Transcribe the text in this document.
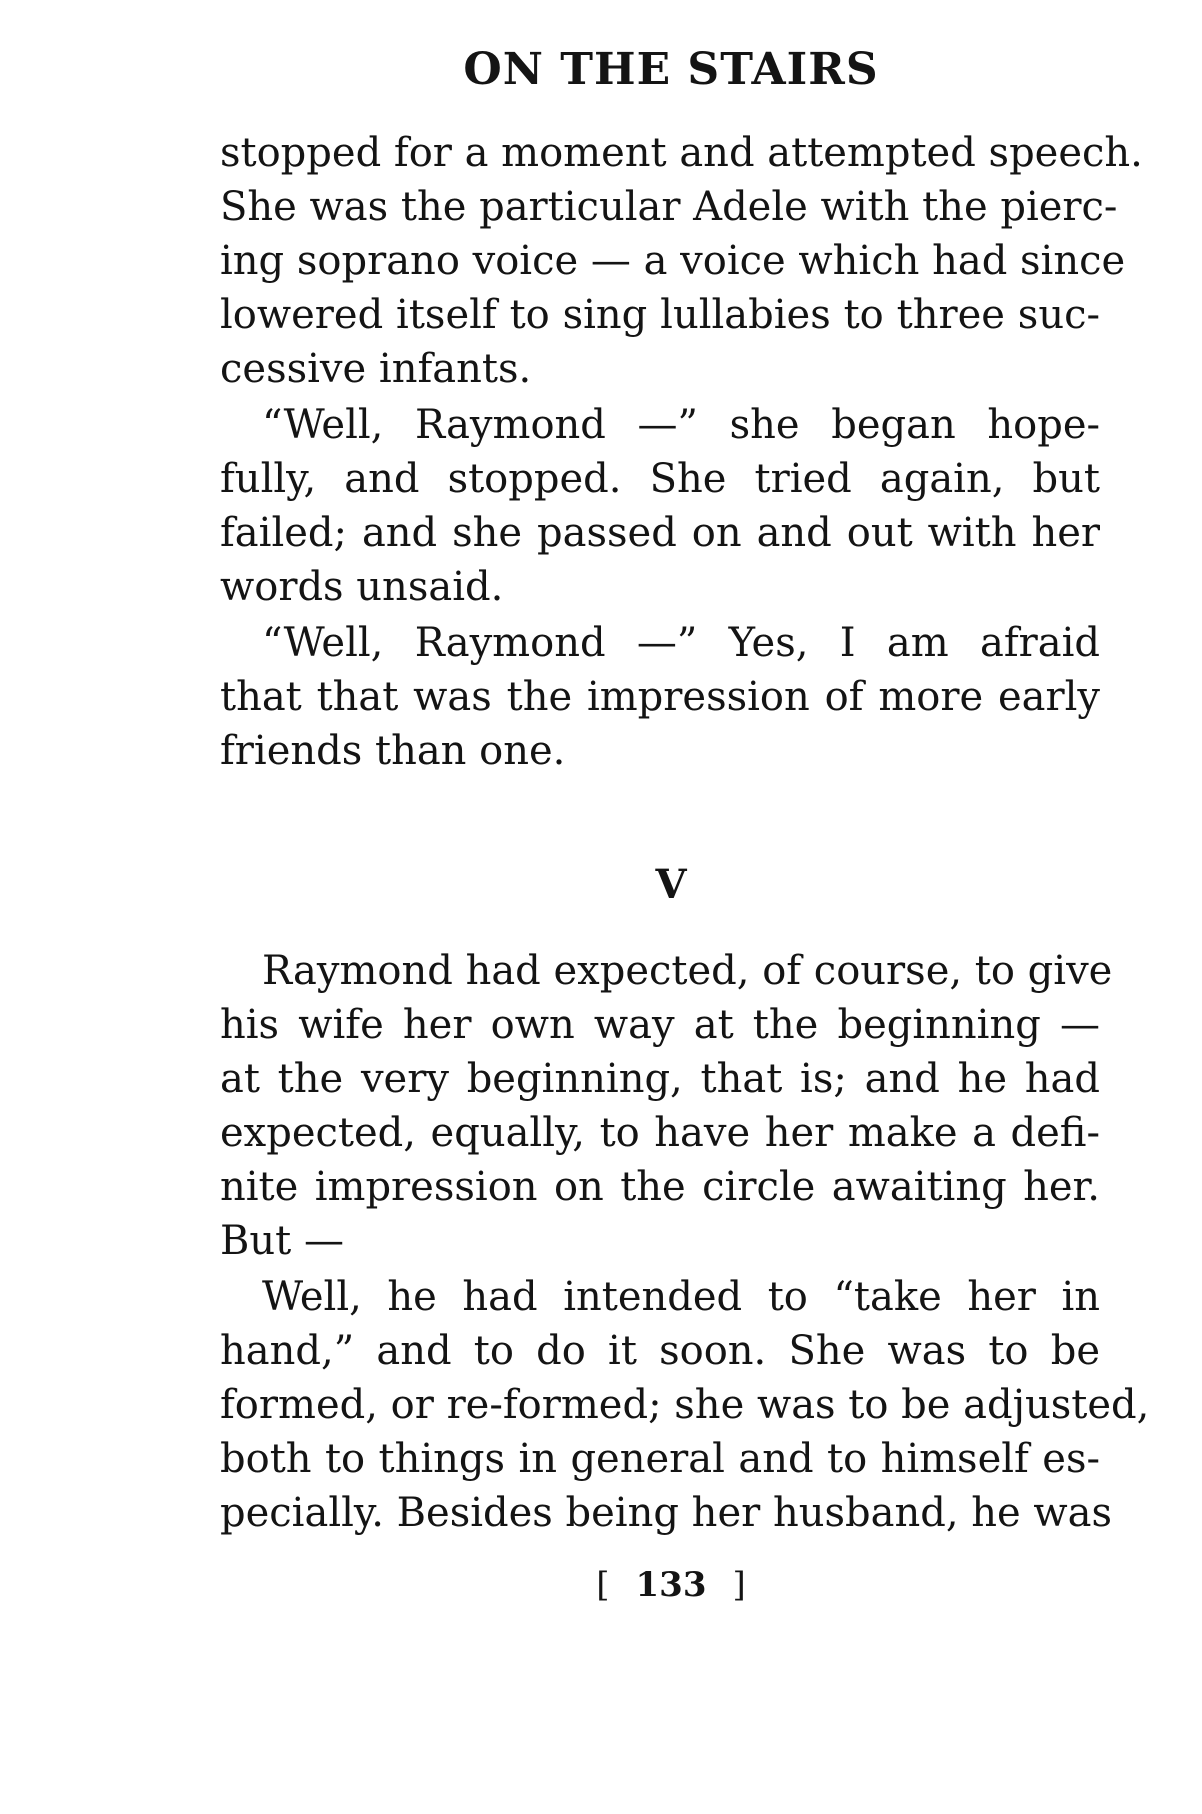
ON THE STAIRS

stopped for a moment and attempted speech.

She was the particular Adele with the pierc-

ing soprano voice — a voice which had since

lowered itself to sing lullabies to three suc-

cessive infants.

“Well, Raymond —” she began hope-

fully, and stopped. She tried again, but

failed; and she passed on and out with her

words unsaid.

“Well, Raymond —” Yes, I am afraid

that that was the impression of more early

friends than one.

V

Raymond had expected, of course, to give

his wife her own way at the beginning —

at the very beginning, that is; and he had

expected, equally, to have her make a defi-

nite impression on the circle awaiting her.

But —

Well, he had intended to “take her in

hand,” and to do it soon. She was to be

formed, or re-formed; she was to be adjusted,

both to things in general and to himself es-

pecially. Besides being her husband, he was

[ 133 ]
